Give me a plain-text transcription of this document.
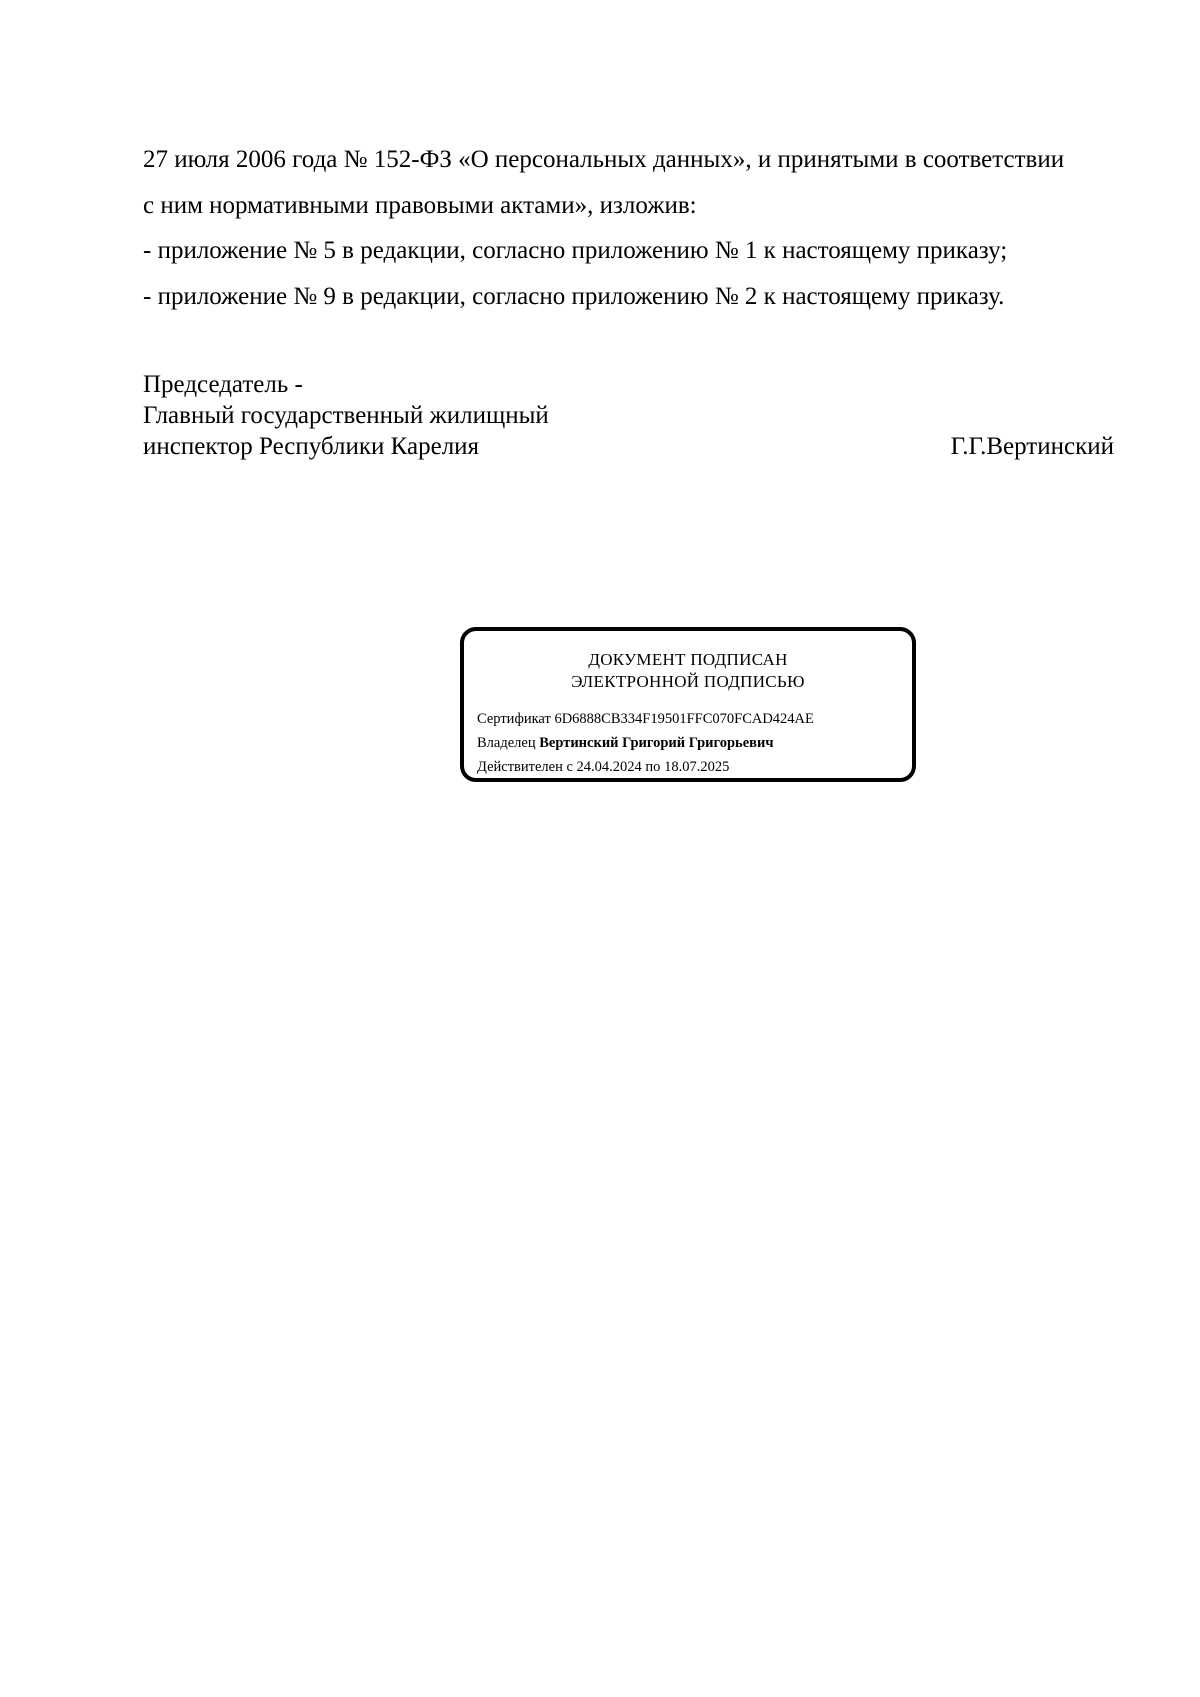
27 июля 2006 года № 152-ФЗ «О персональных данных», и принятыми в соответствии

с ним нормативными правовыми актами», изложив:

- приложение № 5 в редакции, согласно приложению № 1 к настоящему приказу;

- приложение № 9 в редакции, согласно приложению № 2 к настоящему приказу.

Председатель -
Главный государственный жилищный
инспектор Республики Карелия	Г.Г.Вертинский
ДОКУМЕНТ ПОДПИСАН
ЭЛЕКТРОННОЙ ПОДПИСЬЮ
Сертификат 6D6888CB334F19501FFC070FCAD424AE
Владелец Вертинский Григорий Григорьевич
Действителен с 24.04.2024 по 18.07.2025
